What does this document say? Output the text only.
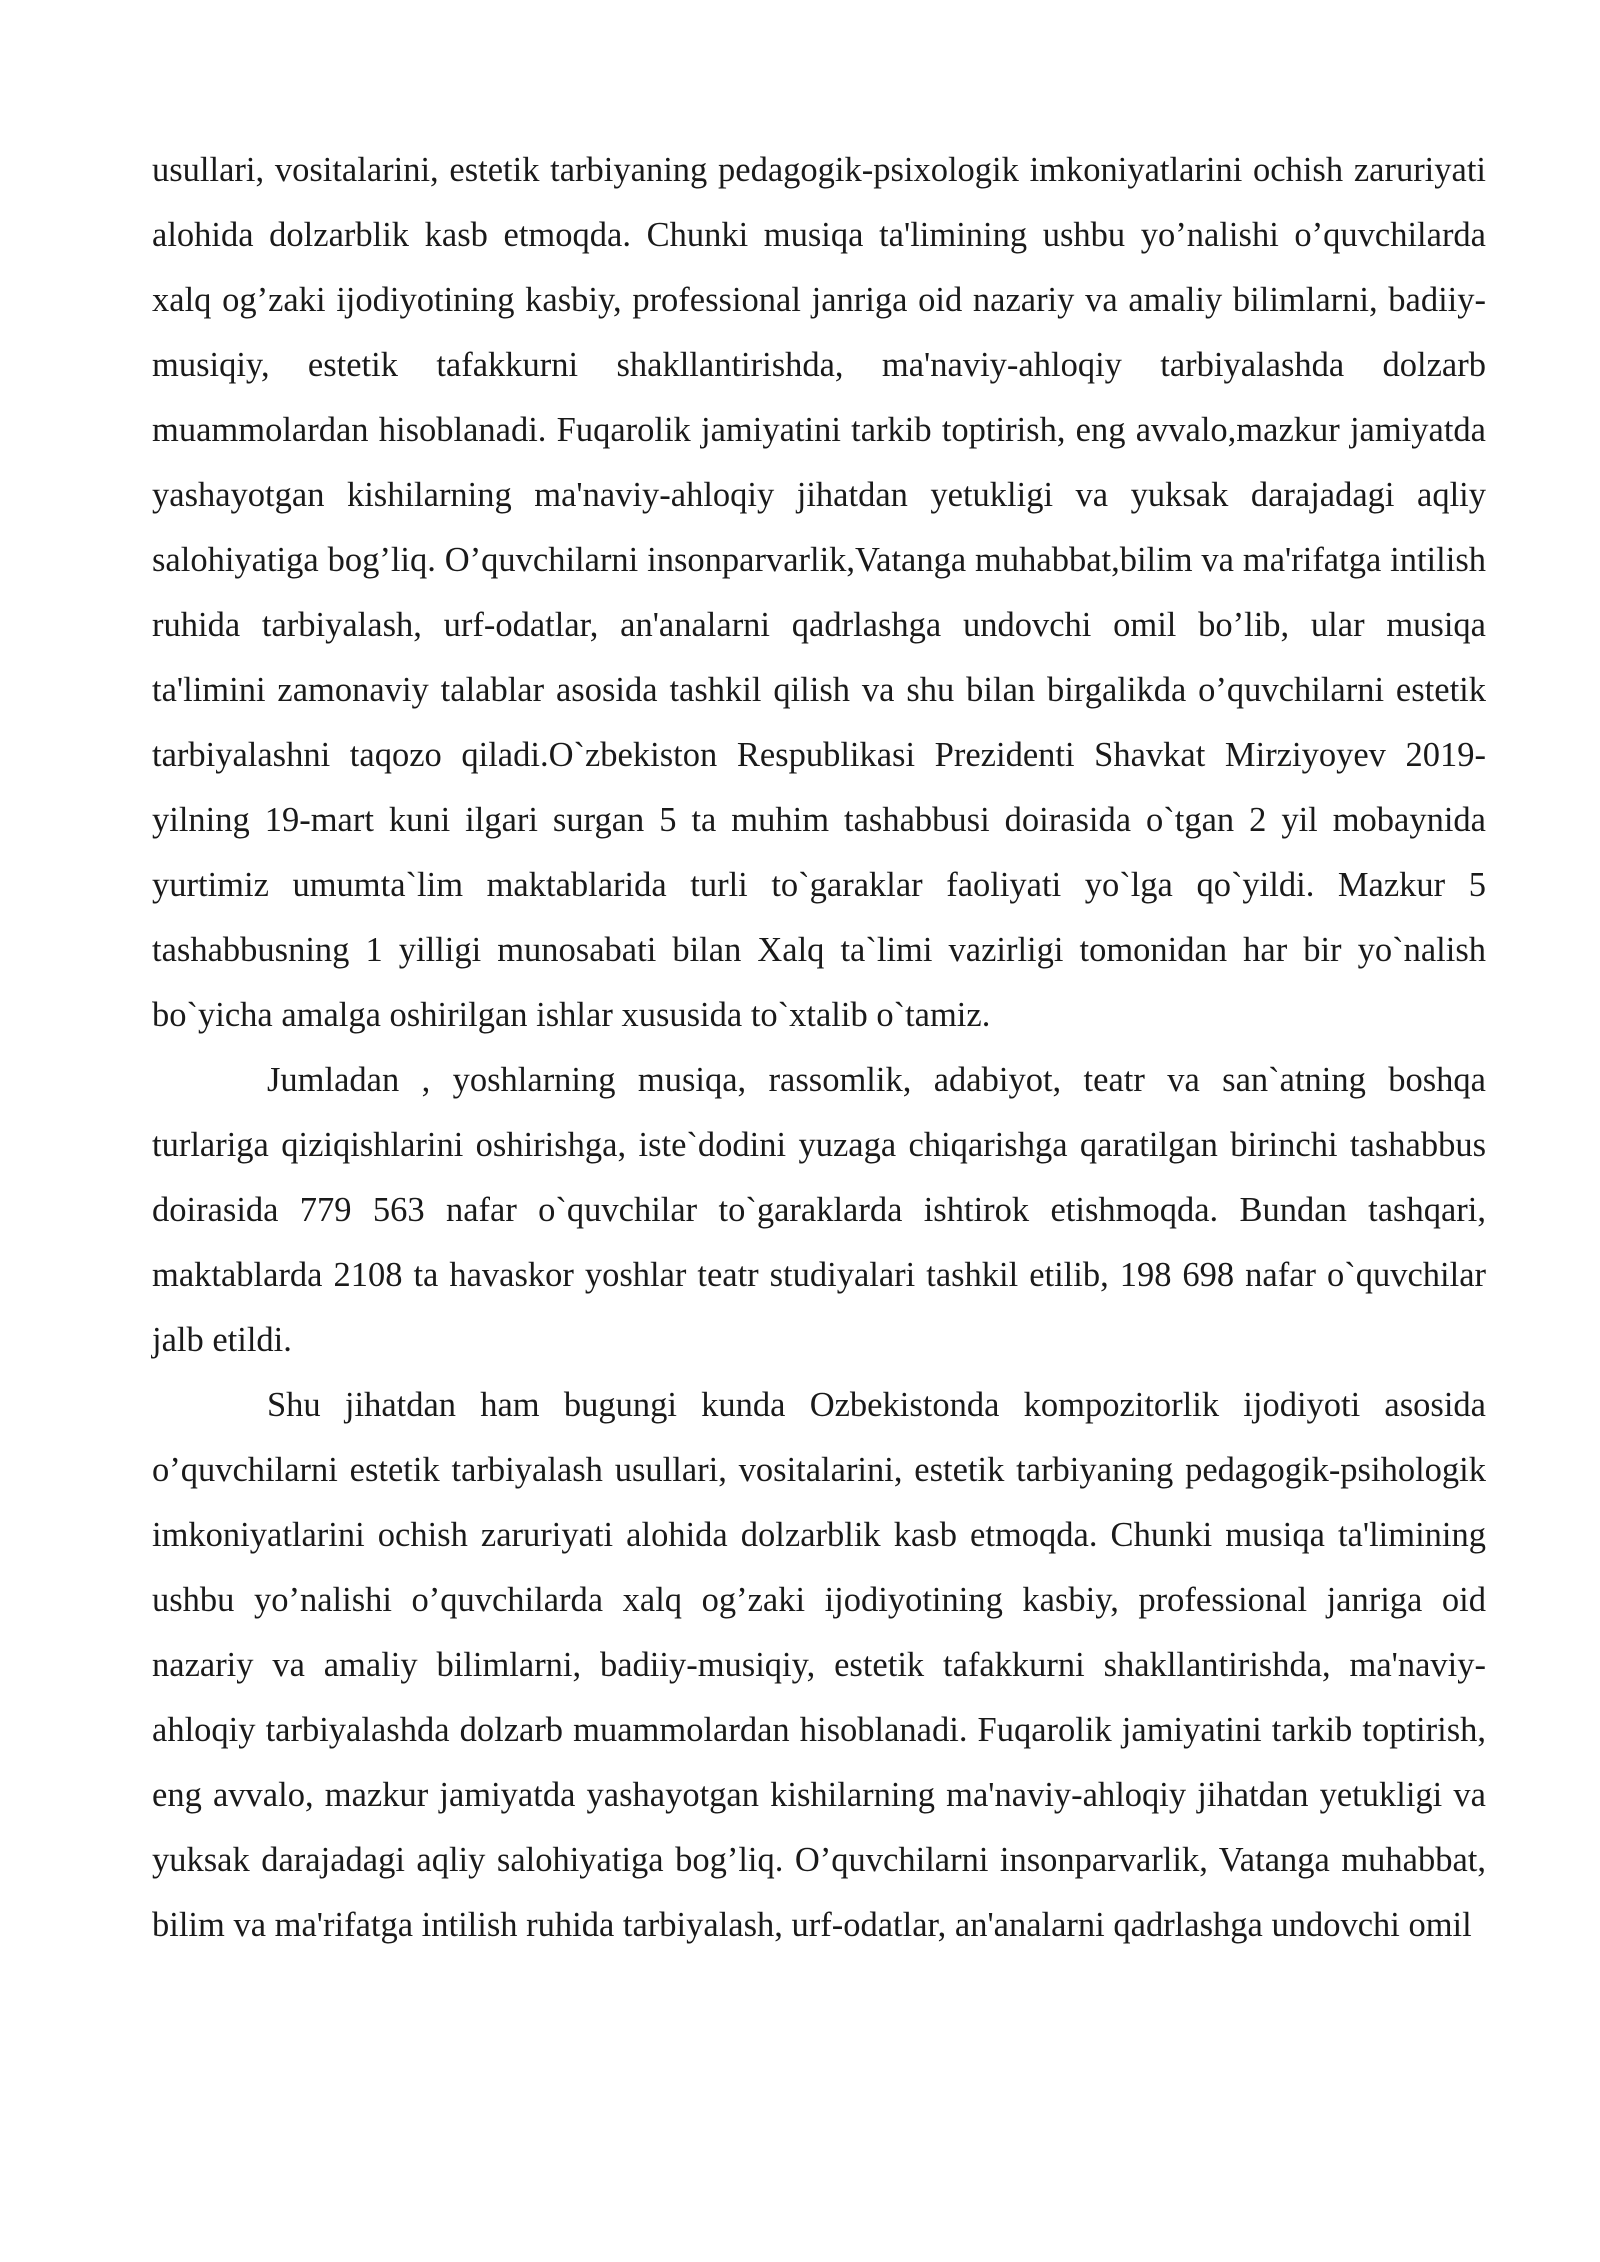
usullari, vositalarini, estetik tarbiyaning pedagogik-psixologik imkoniyatlarini ochish zaruriyati alohida dolzarblik kasb etmoqda. Chunki musiqa ta'limining ushbu yo’nalishi o’quvchilarda xalq og’zaki ijodiyotining kasbiy, professional janriga oid nazariy va amaliy bilimlarni, badiiy-musiqiy, estetik tafakkurni shakllantirishda, ma'naviy-ahloqiy tarbiyalashda dolzarb muammolardan hisoblanadi. Fuqarolik jamiyatini tarkib toptirish, eng avvalo,mazkur jamiyatda yashayotgan kishilarning ma'naviy-ahloqiy jihatdan yetukligi va yuksak darajadagi aqliy salohiyatiga bog’liq. O’quvchilarni insonparvarlik,Vatanga muhabbat,bilim va ma'rifatga intilish ruhida tarbiyalash, urf-odatlar, an'analarni qadrlashga undovchi omil bo’lib, ular musiqa ta'limini zamonaviy talablar asosida tashkil qilish va shu bilan birgalikda o’quvchilarni estetik tarbiyalashni taqozo qiladi.O`zbekiston Respublikasi Prezidenti Shavkat Mirziyoyev 2019-yilning 19-mart kuni ilgari surgan 5 ta muhim tashabbusi doirasida o`tgan 2 yil mobaynida yurtimiz umumta`lim maktablarida turli to`garaklar faoliyati yo`lga qo`yildi. Mazkur 5 tashabbusning 1 yilligi munosabati bilan Xalq ta`limi vazirligi tomonidan har bir yo`nalish bo`yicha amalga oshirilgan ishlar xususida to`xtalib o`tamiz.

Jumladan , yoshlarning musiqa, rassomlik, adabiyot, teatr va san`atning boshqa turlariga qiziqishlarini oshirishga, iste`dodini yuzaga chiqarishga qaratilgan birinchi tashabbus doirasida 779 563 nafar o`quvchilar to`garaklarda ishtirok etishmoqda. Bundan tashqari, maktablarda 2108 ta havaskor yoshlar teatr studiyalari tashkil etilib, 198 698 nafar o`quvchilar jalb etildi.

Shu jihatdan ham bugungi kunda Ozbekistonda kompozitorlik ijodiyoti asosida o’quvchilarni estetik tarbiyalash usullari, vositalarini, estetik tarbiyaning pedagogik-psihologik imkoniyatlarini ochish zaruriyati alohida dolzarblik kasb etmoqda. Chunki musiqa ta'limining ushbu yo’nalishi o’quvchilarda xalq og’zaki ijodiyotining kasbiy, professional janriga oid nazariy va amaliy bilimlarni, badiiy-musiqiy, estetik tafakkurni shakllantirishda, ma'naviy-ahloqiy tarbiyalashda dolzarb muammolardan hisoblanadi. Fuqarolik jamiyatini tarkib toptirish, eng avvalo, mazkur jamiyatda yashayotgan kishilarning ma'naviy-ahloqiy jihatdan yetukligi va yuksak darajadagi aqliy salohiyatiga bog’liq. O’quvchilarni insonparvarlik, Vatanga muhabbat, bilim va ma'rifatga intilish ruhida tarbiyalash, urf-odatlar, an'analarni qadrlashga undovchi omil
